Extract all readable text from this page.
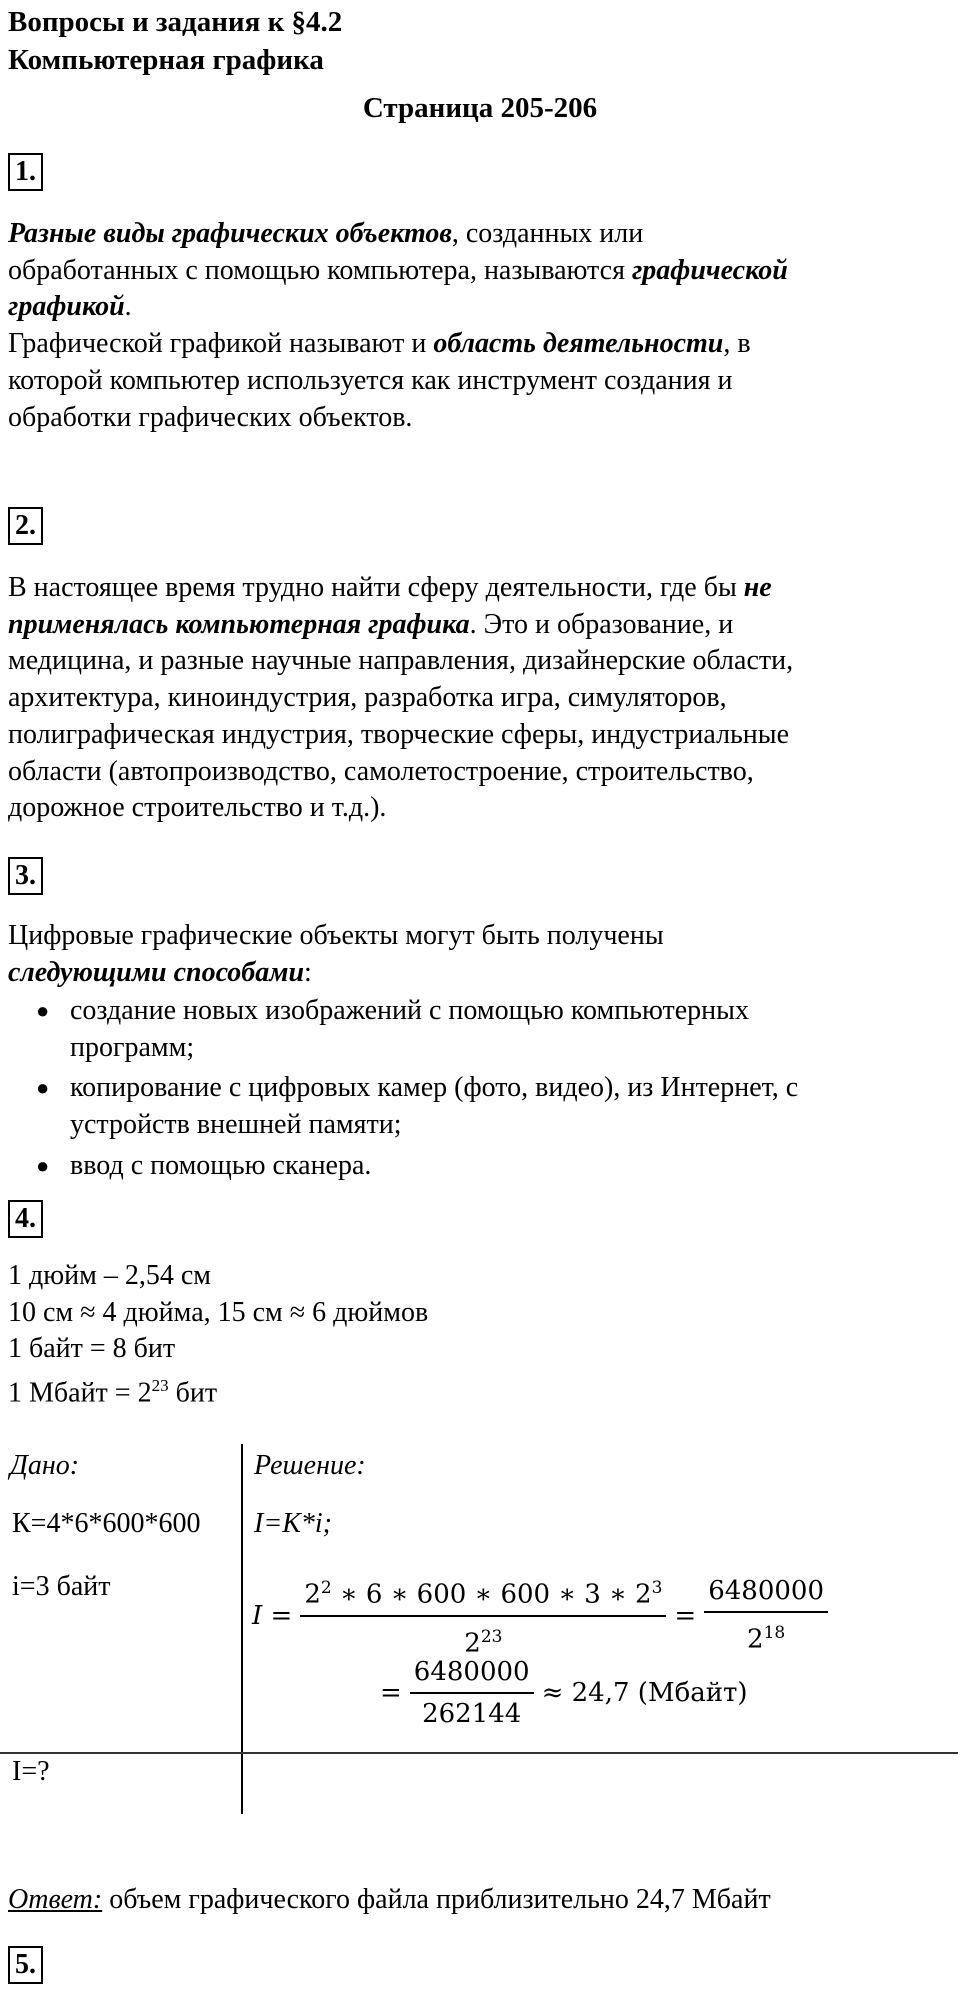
Вопросы и задания к §4.2
Компьютерная графика
Страница 205-206
1.
Разные виды графических объектов, созданных или
обработанных с помощью компьютера, называются графической
графикой.
Графической графикой называют и область деятельности, в
которой компьютер используется как инструмент создания и
обработки графических объектов.
2.
В настоящее время трудно найти сферу деятельности, где бы не
применялась компьютерная графика. Это и образование, и
медицина, и разные научные направления, дизайнерские области,
архитектура, киноиндустрия, разработка игра, симуляторов,
полиграфическая индустрия, творческие сферы, индустриальные
области (автопроизводство, самолетостроение, строительство,
дорожное строительство и т.д.).
3.
Цифровые графические объекты могут быть получены
следующими способами:
● создание новых изображений с помощью компьютерных
программ;
● копирование с цифровых камер (фото, видео), из Интернет, с
устройств внешней памяти;
● ввод с помощью сканера.
4.
1 дюйм – 2,54 см
10 см ≈ 4 дюйма, 15 см ≈ 6 дюймов
1 байт = 8 бит
1 Мбайт = $2^{23}$ бит
Дано:	Решение:
К=4*6*600*600
i=3 байт
I=K*i;
$I = \frac{2^2 ∗ 6 ∗ 600 ∗ 600 ∗ 3 ∗ 2^3}{2^{23}} = \frac{6480000}{2^{18}}$
= $\frac{6480000}{262144} \approx 24,7$ (Мбайт)
I=?
Ответ: объем графического файла приблизительно 24,7 Мбайт
5.
